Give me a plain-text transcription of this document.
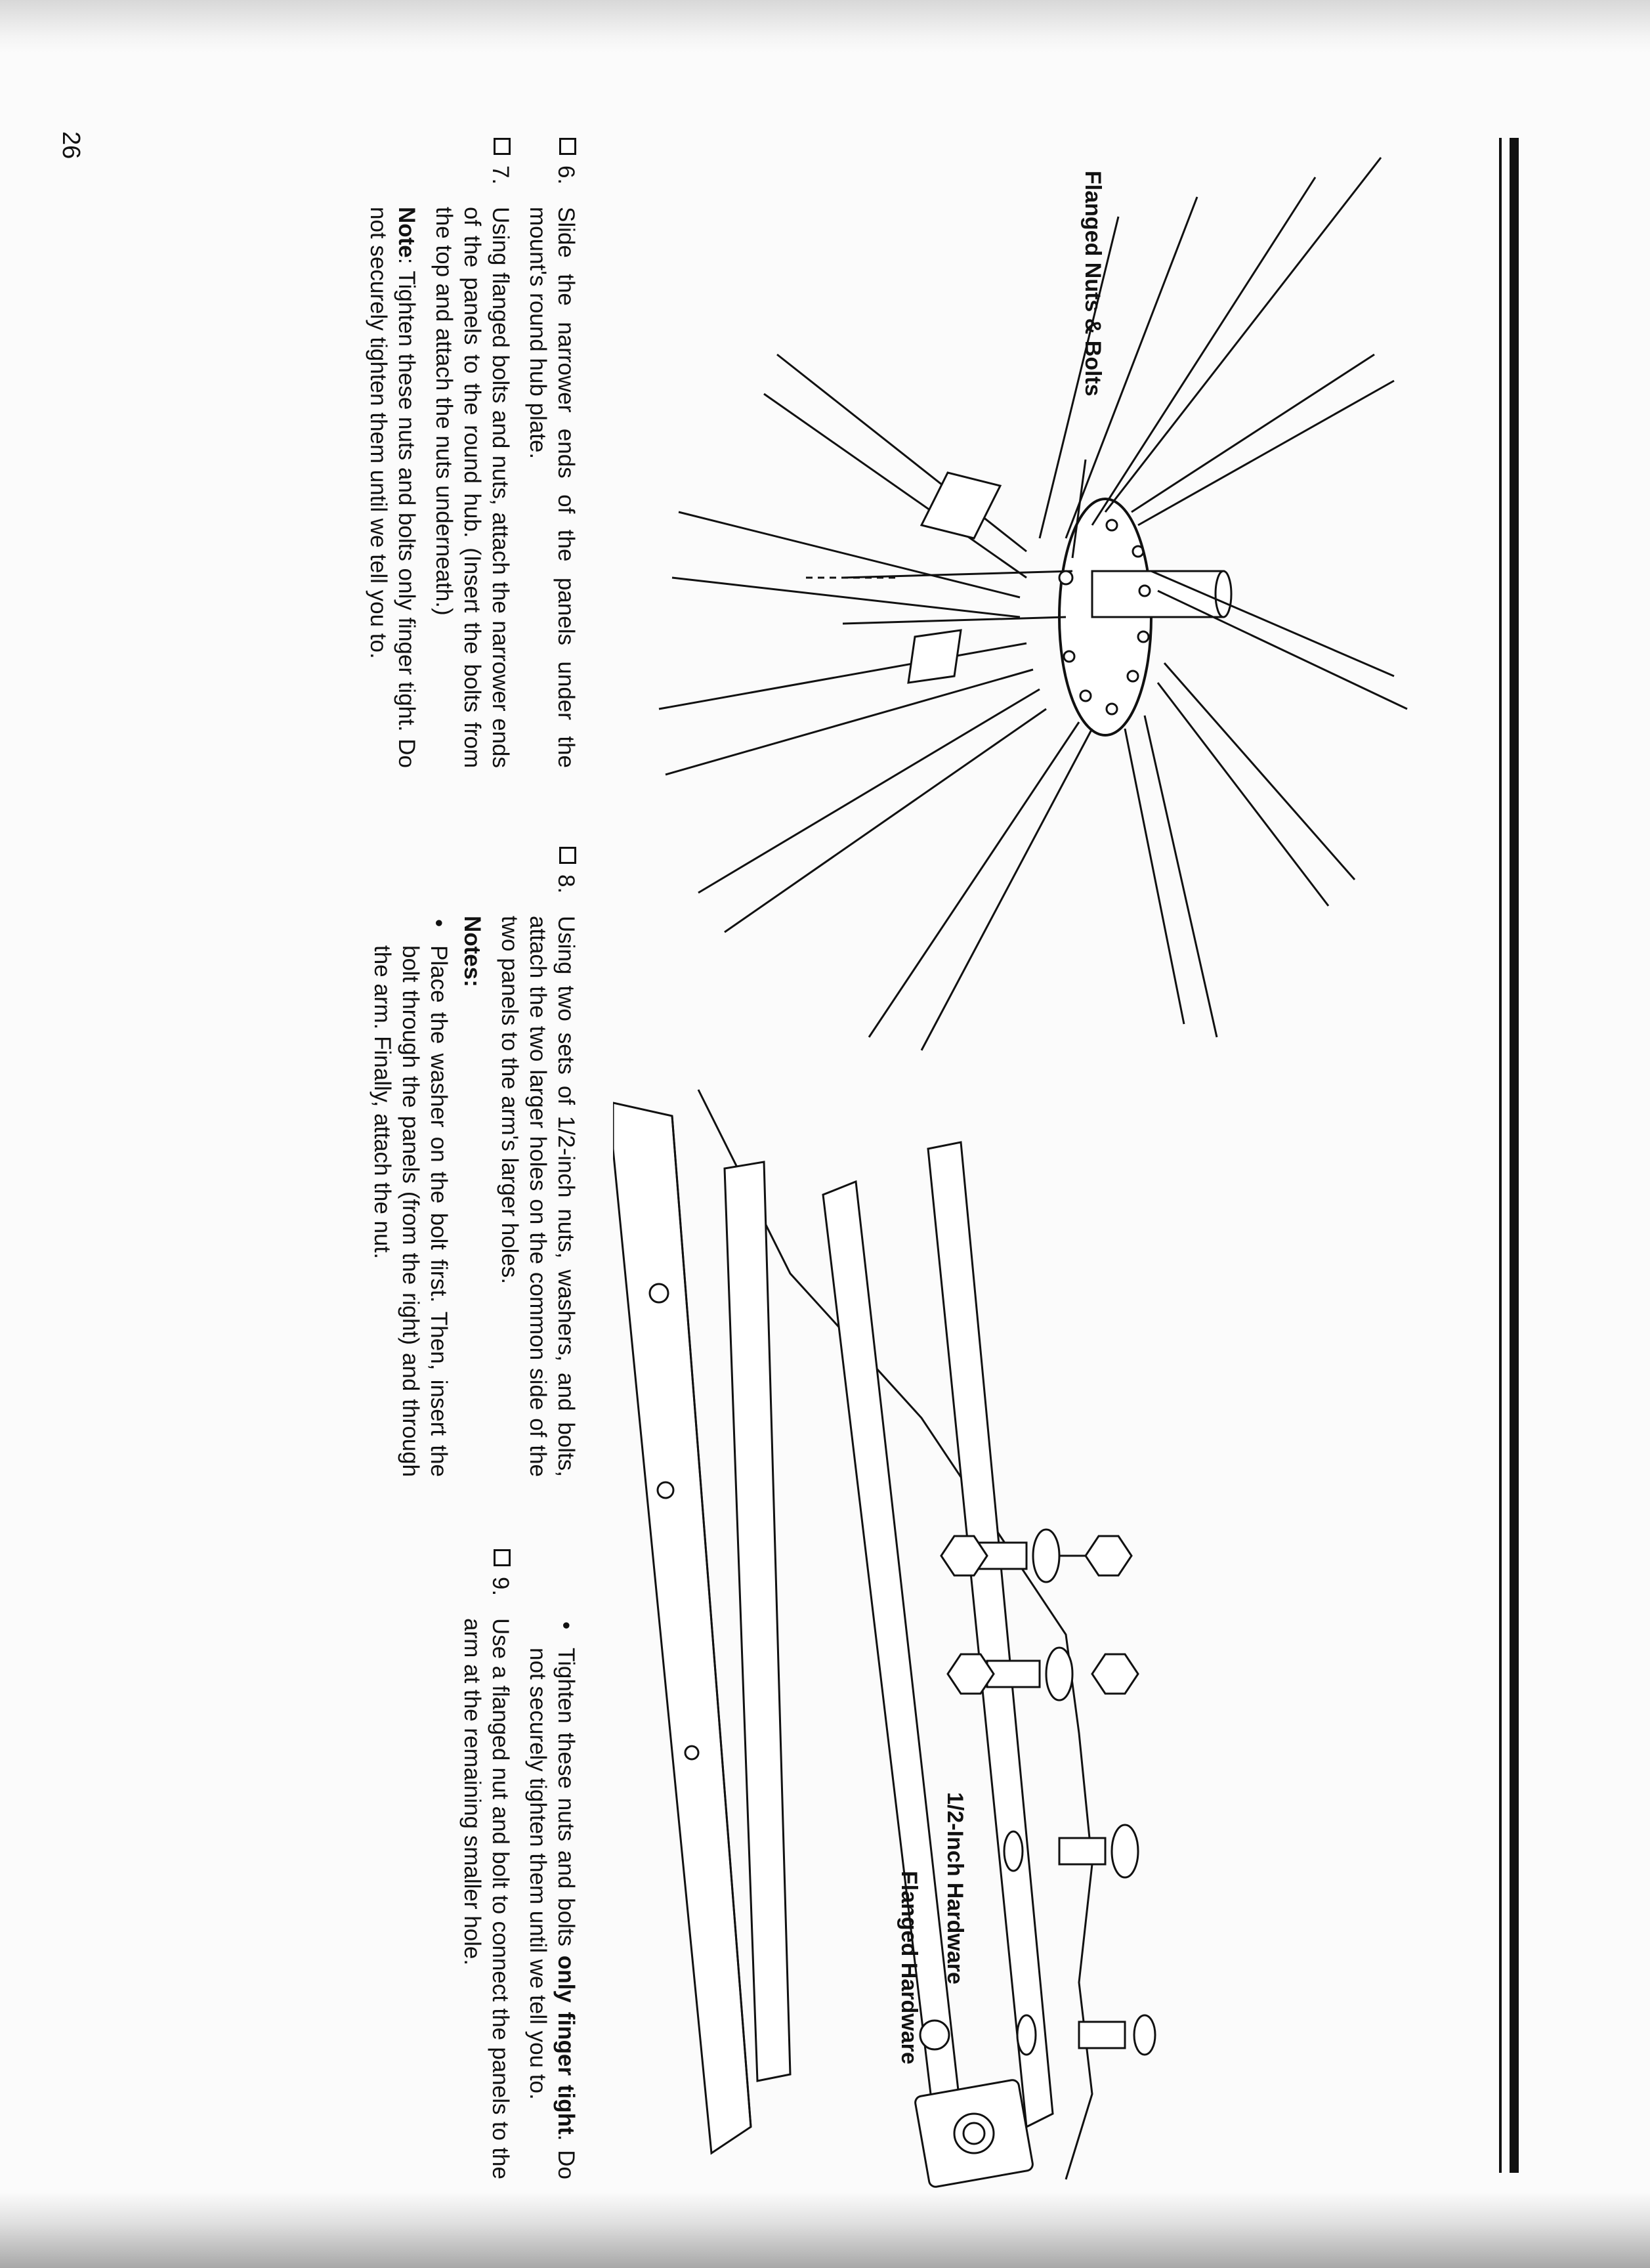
Flanged Nuts & Bolts
1/2-Inch Hardware
Flanged Hardware
6.
Slide the narrower ends of the panels under the mount's round hub plate.
7.
Using flanged bolts and nuts, attach the narrower ends of the panels to the round hub. (Insert the bolts from the top and attach the nuts underneath.)
Note: Tighten these nuts and bolts only finger tight. Do not securely tighten them until we tell you to.
8.
Using two sets of 1/2-inch nuts, washers, and bolts, attach the two larger holes on the common side of the two panels to the arm's larger holes.
Notes:
•
Place the washer on the bolt first. Then, insert the bolt through the panels (from the right) and through the arm. Finally, attach the nut.
•
Tighten these nuts and bolts only finger tight. Do not securely tighten them until we tell you to.
9.
Use a flanged nut and bolt to connect the panels to the arm at the remaining smaller hole.
26
